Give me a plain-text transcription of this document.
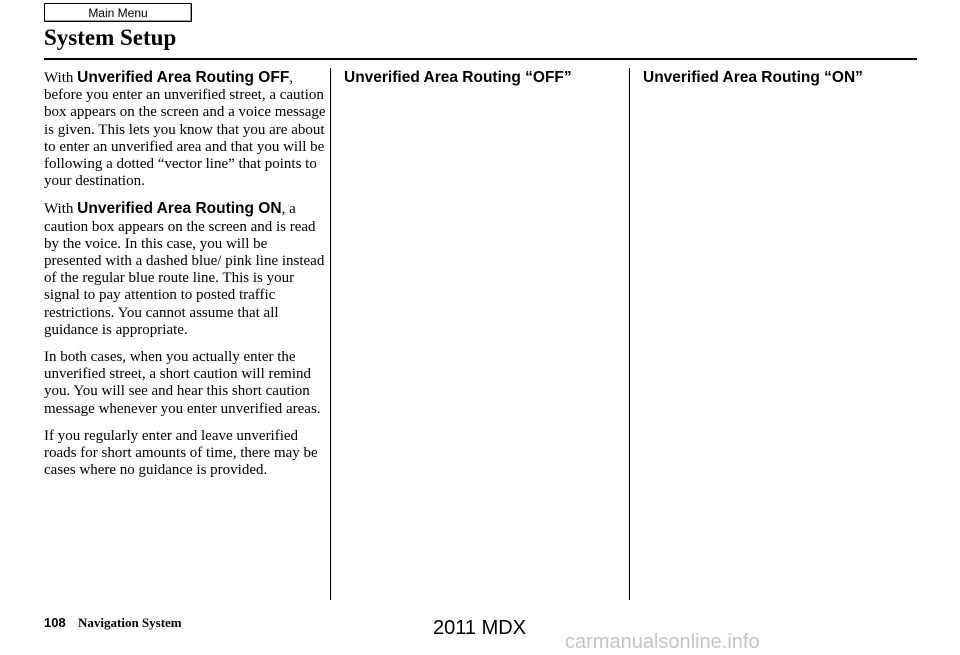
Main Menu
System Setup

With Unverified Area Routing OFF, before you enter an unverified street, a caution box appears on the screen and a voice message is given. This lets you know that you are about to enter an unverified area and that you will be following a dotted “vector line” that points to your destination.

With Unverified Area Routing ON, a caution box appears on the screen and is read by the voice. In this case, you will be presented with a dashed blue/ pink line instead of the regular blue route line. This is your signal to pay attention to posted traffic restrictions. You cannot assume that all guidance is appropriate.

In both cases, when you actually enter the unverified street, a short caution will remind you. You will see and hear this short caution message whenever you enter unverified areas.

If you regularly enter and leave unverified roads for short amounts of time, there may be cases where no guidance is provided.

Unverified Area Routing “OFF”	Unverified Area Routing “ON”
108 Navigation System	2011 MDX
carmanualsonline.info
